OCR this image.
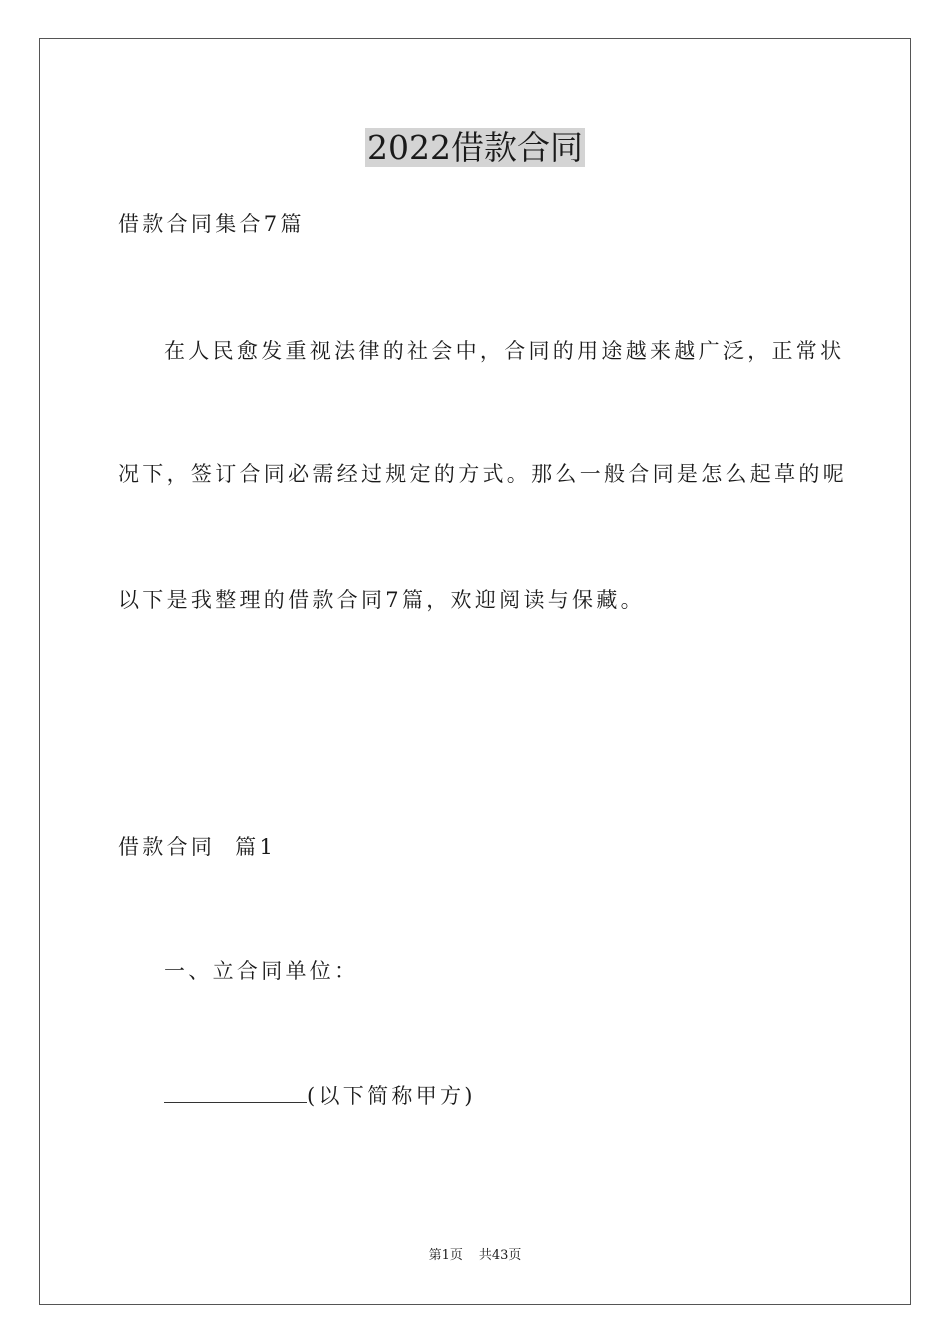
2022借款合同
借款合同集合7篇
在人民愈发重视法律的社会中，合同的用途越来越广泛，正常状
况下，签订合同必需经过规定的方式。那么一般合同是怎么起草的呢
以下是我整理的借款合同7篇，欢迎阅读与保藏。
借款合同  篇1
一、立合同单位：
(以下简称甲方)
第1页 共43页
